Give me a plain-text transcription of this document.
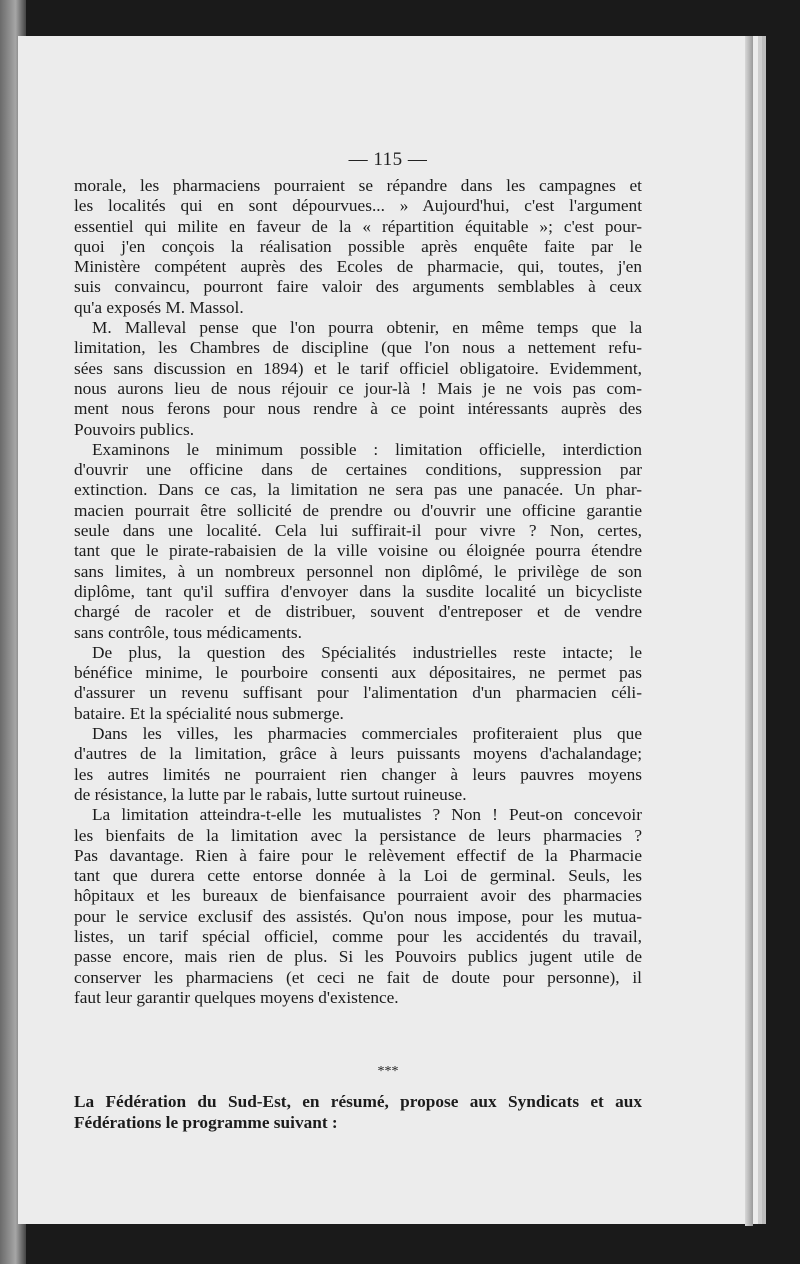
— 115 —

morale, les pharmaciens pourraient se répandre dans les campagnes et
les localités qui en sont dépourvues... » Aujourd'hui, c'est l'argument
essentiel qui milite en faveur de la « répartition équitable »; c'est pour-
quoi j'en conçois la réalisation possible après enquête faite par le
Ministère compétent auprès des Ecoles de pharmacie, qui, toutes, j'en
suis convaincu, pourront faire valoir des arguments semblables à ceux
qu'a exposés M. Massol.

M. Malleval pense que l'on pourra obtenir, en même temps que la
limitation, les Chambres de discipline (que l'on nous a nettement refu-
sées sans discussion en 1894) et le tarif officiel obligatoire. Evidemment,
nous aurons lieu de nous réjouir ce jour-là ! Mais je ne vois pas com-
ment nous ferons pour nous rendre à ce point intéressants auprès des
Pouvoirs publics.

Examinons le minimum possible : limitation officielle, interdiction
d'ouvrir une officine dans de certaines conditions, suppression par
extinction. Dans ce cas, la limitation ne sera pas une panacée. Un phar-
macien pourrait être sollicité de prendre ou d'ouvrir une officine garantie
seule dans une localité. Cela lui suffirait-il pour vivre ? Non, certes,
tant que le pirate-rabaisien de la ville voisine ou éloignée pourra étendre
sans limites, à un nombreux personnel non diplômé, le privilège de son
diplôme, tant qu'il suffira d'envoyer dans la susdite localité un bicycliste
chargé de racoler et de distribuer, souvent d'entreposer et de vendre
sans contrôle, tous médicaments.

De plus, la question des Spécialités industrielles reste intacte; le
bénéfice minime, le pourboire consenti aux dépositaires, ne permet pas
d'assurer un revenu suffisant pour l'alimentation d'un pharmacien céli-
bataire. Et la spécialité nous submerge.

Dans les villes, les pharmacies commerciales profiteraient plus que
d'autres de la limitation, grâce à leurs puissants moyens d'achalandage;
les autres limités ne pourraient rien changer à leurs pauvres moyens
de résistance, la lutte par le rabais, lutte surtout ruineuse.

La limitation atteindra-t-elle les mutualistes ? Non ! Peut-on concevoir
les bienfaits de la limitation avec la persistance de leurs pharmacies ?
Pas davantage. Rien à faire pour le relèvement effectif de la Pharmacie
tant que durera cette entorse donnée à la Loi de germinal. Seuls, les
hôpitaux et les bureaux de bienfaisance pourraient avoir des pharmacies
pour le service exclusif des assistés. Qu'on nous impose, pour les mutua-
listes, un tarif spécial officiel, comme pour les accidentés du travail,
passe encore, mais rien de plus. Si les Pouvoirs publics jugent utile de
conserver les pharmaciens (et ceci ne fait de doute pour personne), il
faut leur garantir quelques moyens d'existence.

***
La Fédération du Sud-Est, en résumé, propose aux Syndicats et aux
Fédérations le programme suivant :
